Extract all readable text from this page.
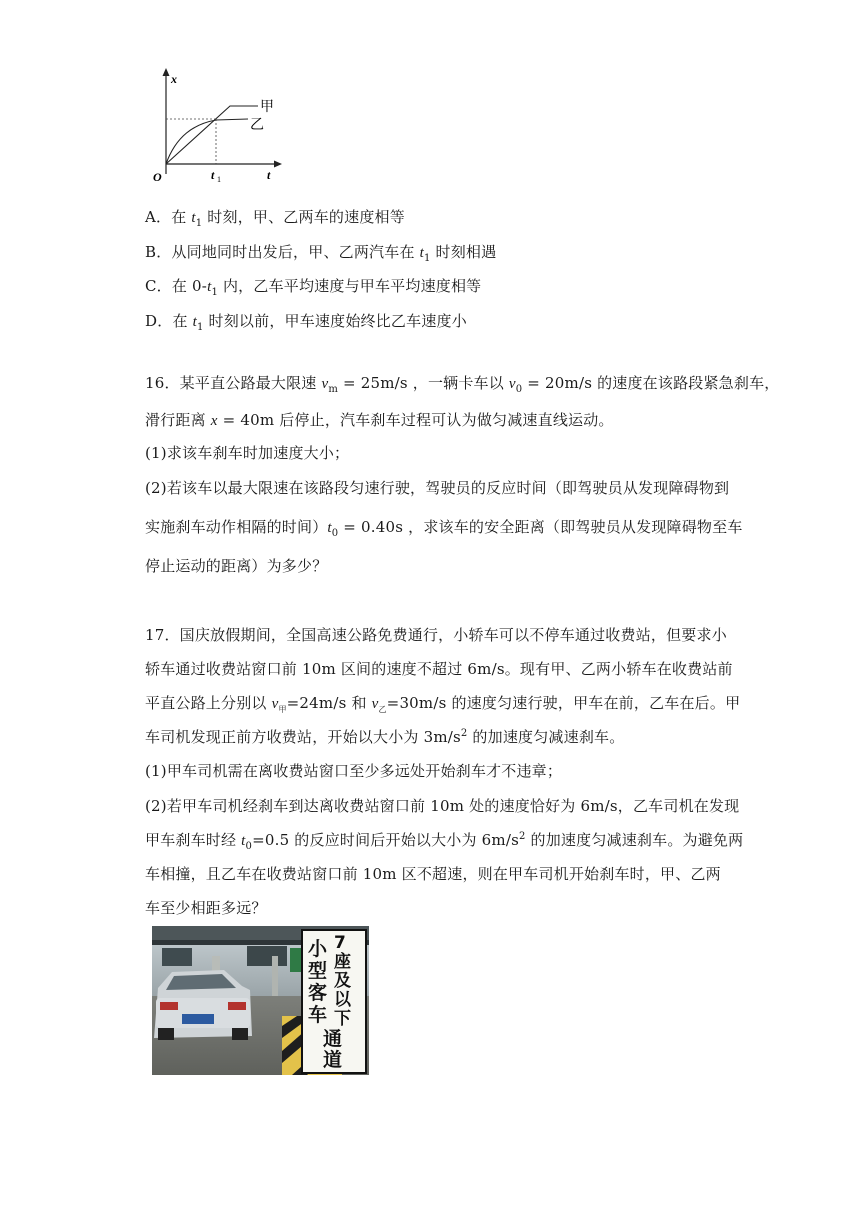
x
t
O	t 1
甲
乙
A．在 $t_1$ 时刻，甲、乙两车的速度相等
B．从同地同时出发后，甲、乙两汽车在 $t_1$ 时刻相遇
C．在 $0-t_1$ 内，乙车平均速度与甲车平均速度相等
D．在 $t_1$ 时刻以前，甲车速度始终比乙车速度小
16．某平直公路最大限速 $v_m = 25m/s$ ，一辆卡车以 $v_0 = 20m/s$ 的速度在该路段紧急刹车，
滑行距离 x = 40m 后停止，汽车刹车过程可认为做匀减速直线运动。
(1)求该车刹车时加速度大小；
(2)若该车以最大限速在该路段匀速行驶，驾驶员的反应时间（即驾驶员从发现障碍物到
实施刹车动作相隔的时间）$t_0 = 0.40s$ ，求该车的安全距离（即驾驶员从发现障碍物至车
停止运动的距离）为多少？
17．国庆放假期间，全国高速公路免费通行，小轿车可以不停车通过收费站，但要求小
轿车通过收费站窗口前 10m 区间的速度不超过 6m/s。现有甲、乙两小轿车在收费站前
平直公路上分别以 $v_甲=24m/s$ 和 $v_乙=30m/s$ 的速度匀速行驶，甲车在前，乙车在后。甲
车司机发现正前方收费站，开始以大小为 $3m/s^2$ 的加速度匀减速刹车。
(1)甲车司机需在离收费站窗口至少多远处开始刹车才不违章；
(2)若甲车司机经刹车到达离收费站窗口前 10m 处的速度恰好为 6m/s，乙车司机在发现
甲车刹车时经 $t_0=0.5$ 的反应时间后开始以大小为 $6m/s^2$ 的加速度匀减速刹车。为避免两
车相撞，且乙车在收费站窗口前 10m 区不超速，则在甲车司机开始刹车时，甲、乙两
车至少相距多远？
小型客车
7座及以下
通道
